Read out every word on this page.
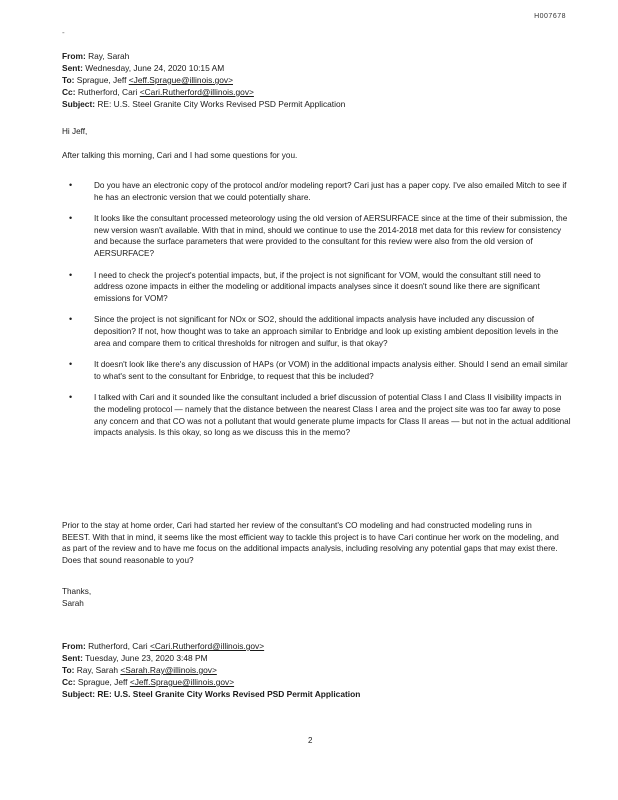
H007678
-
From: Ray, Sarah
Sent: Wednesday, June 24, 2020 10:15 AM
To: Sprague, Jeff <Jeff.Sprague@illinois.gov>
Cc: Rutherford, Cari <Cari.Rutherford@illinois.gov>
Subject: RE: U.S. Steel Granite City Works Revised PSD Permit Application
Hi Jeff,
After talking this morning, Cari and I had some questions for you.
•	Do you have an electronic copy of the protocol and/or modeling report? Cari just has a paper copy. I've also emailed Mitch to see if he has an electronic version that we could potentially share.
•	It looks like the consultant processed meteorology using the old version of AERSURFACE since at the time of their submission, the new version wasn't available. With that in mind, should we continue to use the 2014-2018 met data for this review for consistency and because the surface parameters that were provided to the consultant for this review were also from the old version of AERSURFACE?
•	I need to check the project's potential impacts, but, if the project is not significant for VOM, would the consultant still need to address ozone impacts in either the modeling or additional impacts analyses since it doesn't sound like there are significant emissions for VOM?
•	Since the project is not significant for NOx or SO2, should the additional impacts analysis have included any discussion of deposition? If not, how thought was to take an approach similar to Enbridge and look up existing ambient deposition levels in the area and compare them to critical thresholds for nitrogen and sulfur, is that okay?
•	It doesn't look like there's any discussion of HAPs (or VOM) in the additional impacts analysis either. Should I send an email similar to what's sent to the consultant for Enbridge, to request that this be included?
•	I talked with Cari and it sounded like the consultant included a brief discussion of potential Class I and Class II visibility impacts in the modeling protocol — namely that the distance between the nearest Class I area and the project site was too far away to pose any concern and that CO was not a pollutant that would generate plume impacts for Class II areas — but not in the actual additional impacts analysis. Is this okay, so long as we discuss this in the memo?
Prior to the stay at home order, Cari had started her review of the consultant's CO modeling and had constructed modeling runs in BEEST. With that in mind, it seems like the most efficient way to tackle this project is to have Cari continue her work on the modeling, and as part of the review and to have me focus on the additional impacts analysis, including resolving any potential gaps that may exist there. Does that sound reasonable to you?
Thanks,
Sarah
From: Rutherford, Cari <Cari.Rutherford@illinois.gov>
Sent: Tuesday, June 23, 2020 3:48 PM
To: Ray, Sarah <Sarah.Ray@illinois.gov>
Cc: Sprague, Jeff <Jeff.Sprague@illinois.gov>
Subject: RE: U.S. Steel Granite City Works Revised PSD Permit Application
2
